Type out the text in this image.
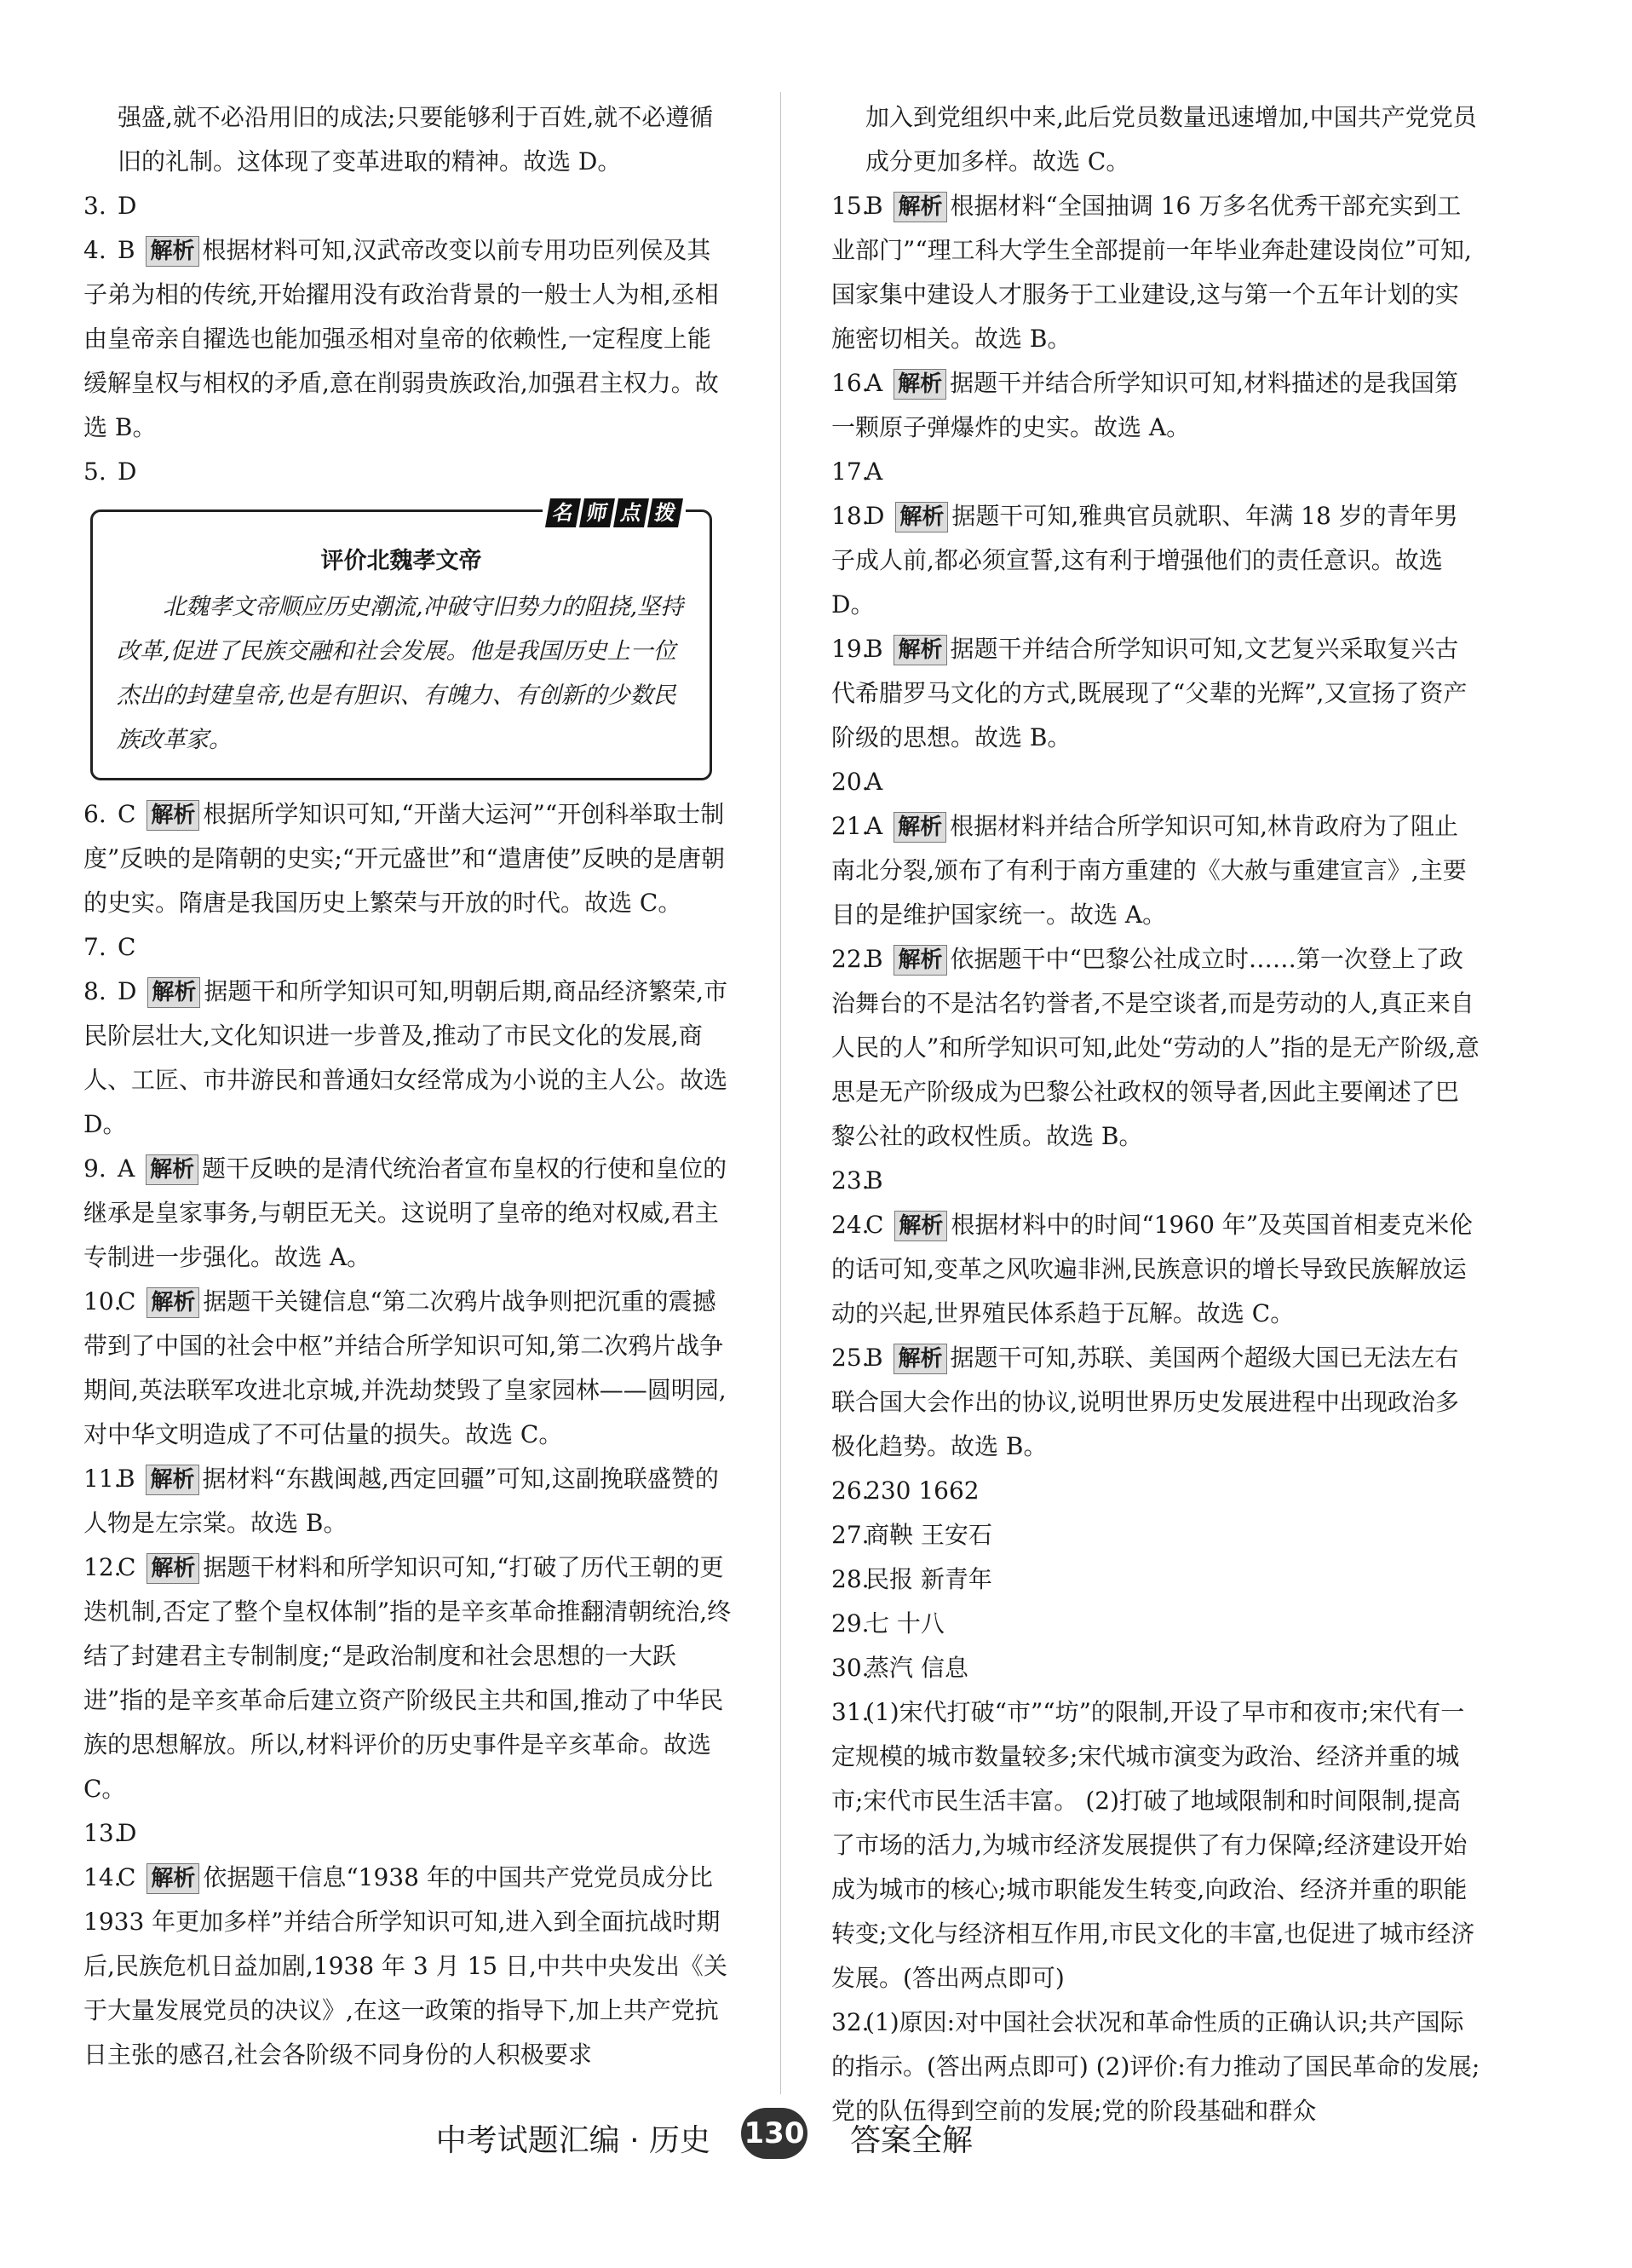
强盛,就不必沿用旧的成法;只要能够利于百姓,就不必遵循旧的礼制。这体现了变革进取的精神。故选 D。

3. D

4. B 解析 根据材料可知,汉武帝改变以前专用功臣列侯及其子弟为相的传统,开始擢用没有政治背景的一般士人为相,丞相由皇帝亲自擢选也能加强丞相对皇帝的依赖性,一定程度上能缓解皇权与相权的矛盾,意在削弱贵族政治,加强君主权力。故选 B。

5. D

名 师 点 拨
评价北魏孝文帝
北魏孝文帝顺应历史潮流,冲破守旧势力的阻挠,坚持改革,促进了民族交融和社会发展。他是我国历史上一位杰出的封建皇帝,也是有胆识、有魄力、有创新的少数民族改革家。

6. C 解析 根据所学知识可知,“开凿大运河”“开创科举取士制度”反映的是隋朝的史实;“开元盛世”和“遣唐使”反映的是唐朝的史实。隋唐是我国历史上繁荣与开放的时代。故选 C。

7. C

8. D 解析 据题干和所学知识可知,明朝后期,商品经济繁荣,市民阶层壮大,文化知识进一步普及,推动了市民文化的发展,商人、工匠、市井游民和普通妇女经常成为小说的主人公。故选 D。

9. A 解析 题干反映的是清代统治者宣布皇权的行使和皇位的继承是皇家事务,与朝臣无关。这说明了皇帝的绝对权威,君主专制进一步强化。故选 A。

10.C 解析 据题干关键信息“第二次鸦片战争则把沉重的震撼带到了中国的社会中枢”并结合所学知识可知,第二次鸦片战争期间,英法联军攻进北京城,并洗劫焚毁了皇家园林——圆明园,对中华文明造成了不可估量的损失。故选 C。

11.B 解析 据材料“东戡闽越,西定回疆”可知,这副挽联盛赞的人物是左宗棠。故选 B。

12.C 解析 据题干材料和所学知识可知,“打破了历代王朝的更迭机制,否定了整个皇权体制”指的是辛亥革命推翻清朝统治,终结了封建君主专制制度;“是政治制度和社会思想的一大跃进”指的是辛亥革命后建立资产阶级民主共和国,推动了中华民族的思想解放。所以,材料评价的历史事件是辛亥革命。故选 C。

13.D

14.C 解析 依据题干信息“1938 年的中国共产党党员成分比 1933 年更加多样”并结合所学知识可知,进入到全面抗战时期后,民族危机日益加剧,1938 年 3 月 15 日,中共中央发出《关于大量发展党员的决议》,在这一政策的指导下,加上共产党抗日主张的感召,社会各阶级不同身份的人积极要求

加入到党组织中来,此后党员数量迅速增加,中国共产党党员成分更加多样。故选 C。

15.B 解析 根据材料“全国抽调 16 万多名优秀干部充实到工业部门”“理工科大学生全部提前一年毕业奔赴建设岗位”可知,国家集中建设人才服务于工业建设,这与第一个五年计划的实施密切相关。故选 B。

16.A 解析 据题干并结合所学知识可知,材料描述的是我国第一颗原子弹爆炸的史实。故选 A。

17.A

18.D 解析 据题干可知,雅典官员就职、年满 18 岁的青年男子成人前,都必须宣誓,这有利于增强他们的责任意识。故选 D。

19.B 解析 据题干并结合所学知识可知,文艺复兴采取复兴古代希腊罗马文化的方式,既展现了“父辈的光辉”,又宣扬了资产阶级的思想。故选 B。

20.A

21.A 解析 根据材料并结合所学知识可知,林肯政府为了阻止南北分裂,颁布了有利于南方重建的《大赦与重建宣言》,主要目的是维护国家统一。故选 A。

22.B 解析 依据题干中“巴黎公社成立时……第一次登上了政治舞台的不是沽名钓誉者,不是空谈者,而是劳动的人,真正来自人民的人”和所学知识可知,此处“劳动的人”指的是无产阶级,意思是无产阶级成为巴黎公社政权的领导者,因此主要阐述了巴黎公社的政权性质。故选 B。

23.B

24.C 解析 根据材料中的时间“1960 年”及英国首相麦克米伦的话可知,变革之风吹遍非洲,民族意识的增长导致民族解放运动的兴起,世界殖民体系趋于瓦解。故选 C。

25.B 解析 据题干可知,苏联、美国两个超级大国已无法左右联合国大会作出的协议,说明世界历史发展进程中出现政治多极化趋势。故选 B。

26.230 1662

27.商鞅 王安石

28.民报 新青年

29.七 十八

30.蒸汽 信息

31.(1)宋代打破“市”“坊”的限制,开设了早市和夜市;宋代有一定规模的城市数量较多;宋代城市演变为政治、经济并重的城市;宋代市民生活丰富。 (2)打破了地域限制和时间限制,提高了市场的活力,为城市经济发展提供了有力保障;经济建设开始成为城市的核心;城市职能发生转变,向政治、经济并重的职能转变;文化与经济相互作用,市民文化的丰富,也促进了城市经济发展。(答出两点即可)

32.(1)原因:对中国社会状况和革命性质的正确认识;共产国际的指示。(答出两点即可) (2)评价:有力推动了国民革命的发展;党的队伍得到空前的发展;党的阶段基础和群众

中考试题汇编 · 历史 130 答案全解
